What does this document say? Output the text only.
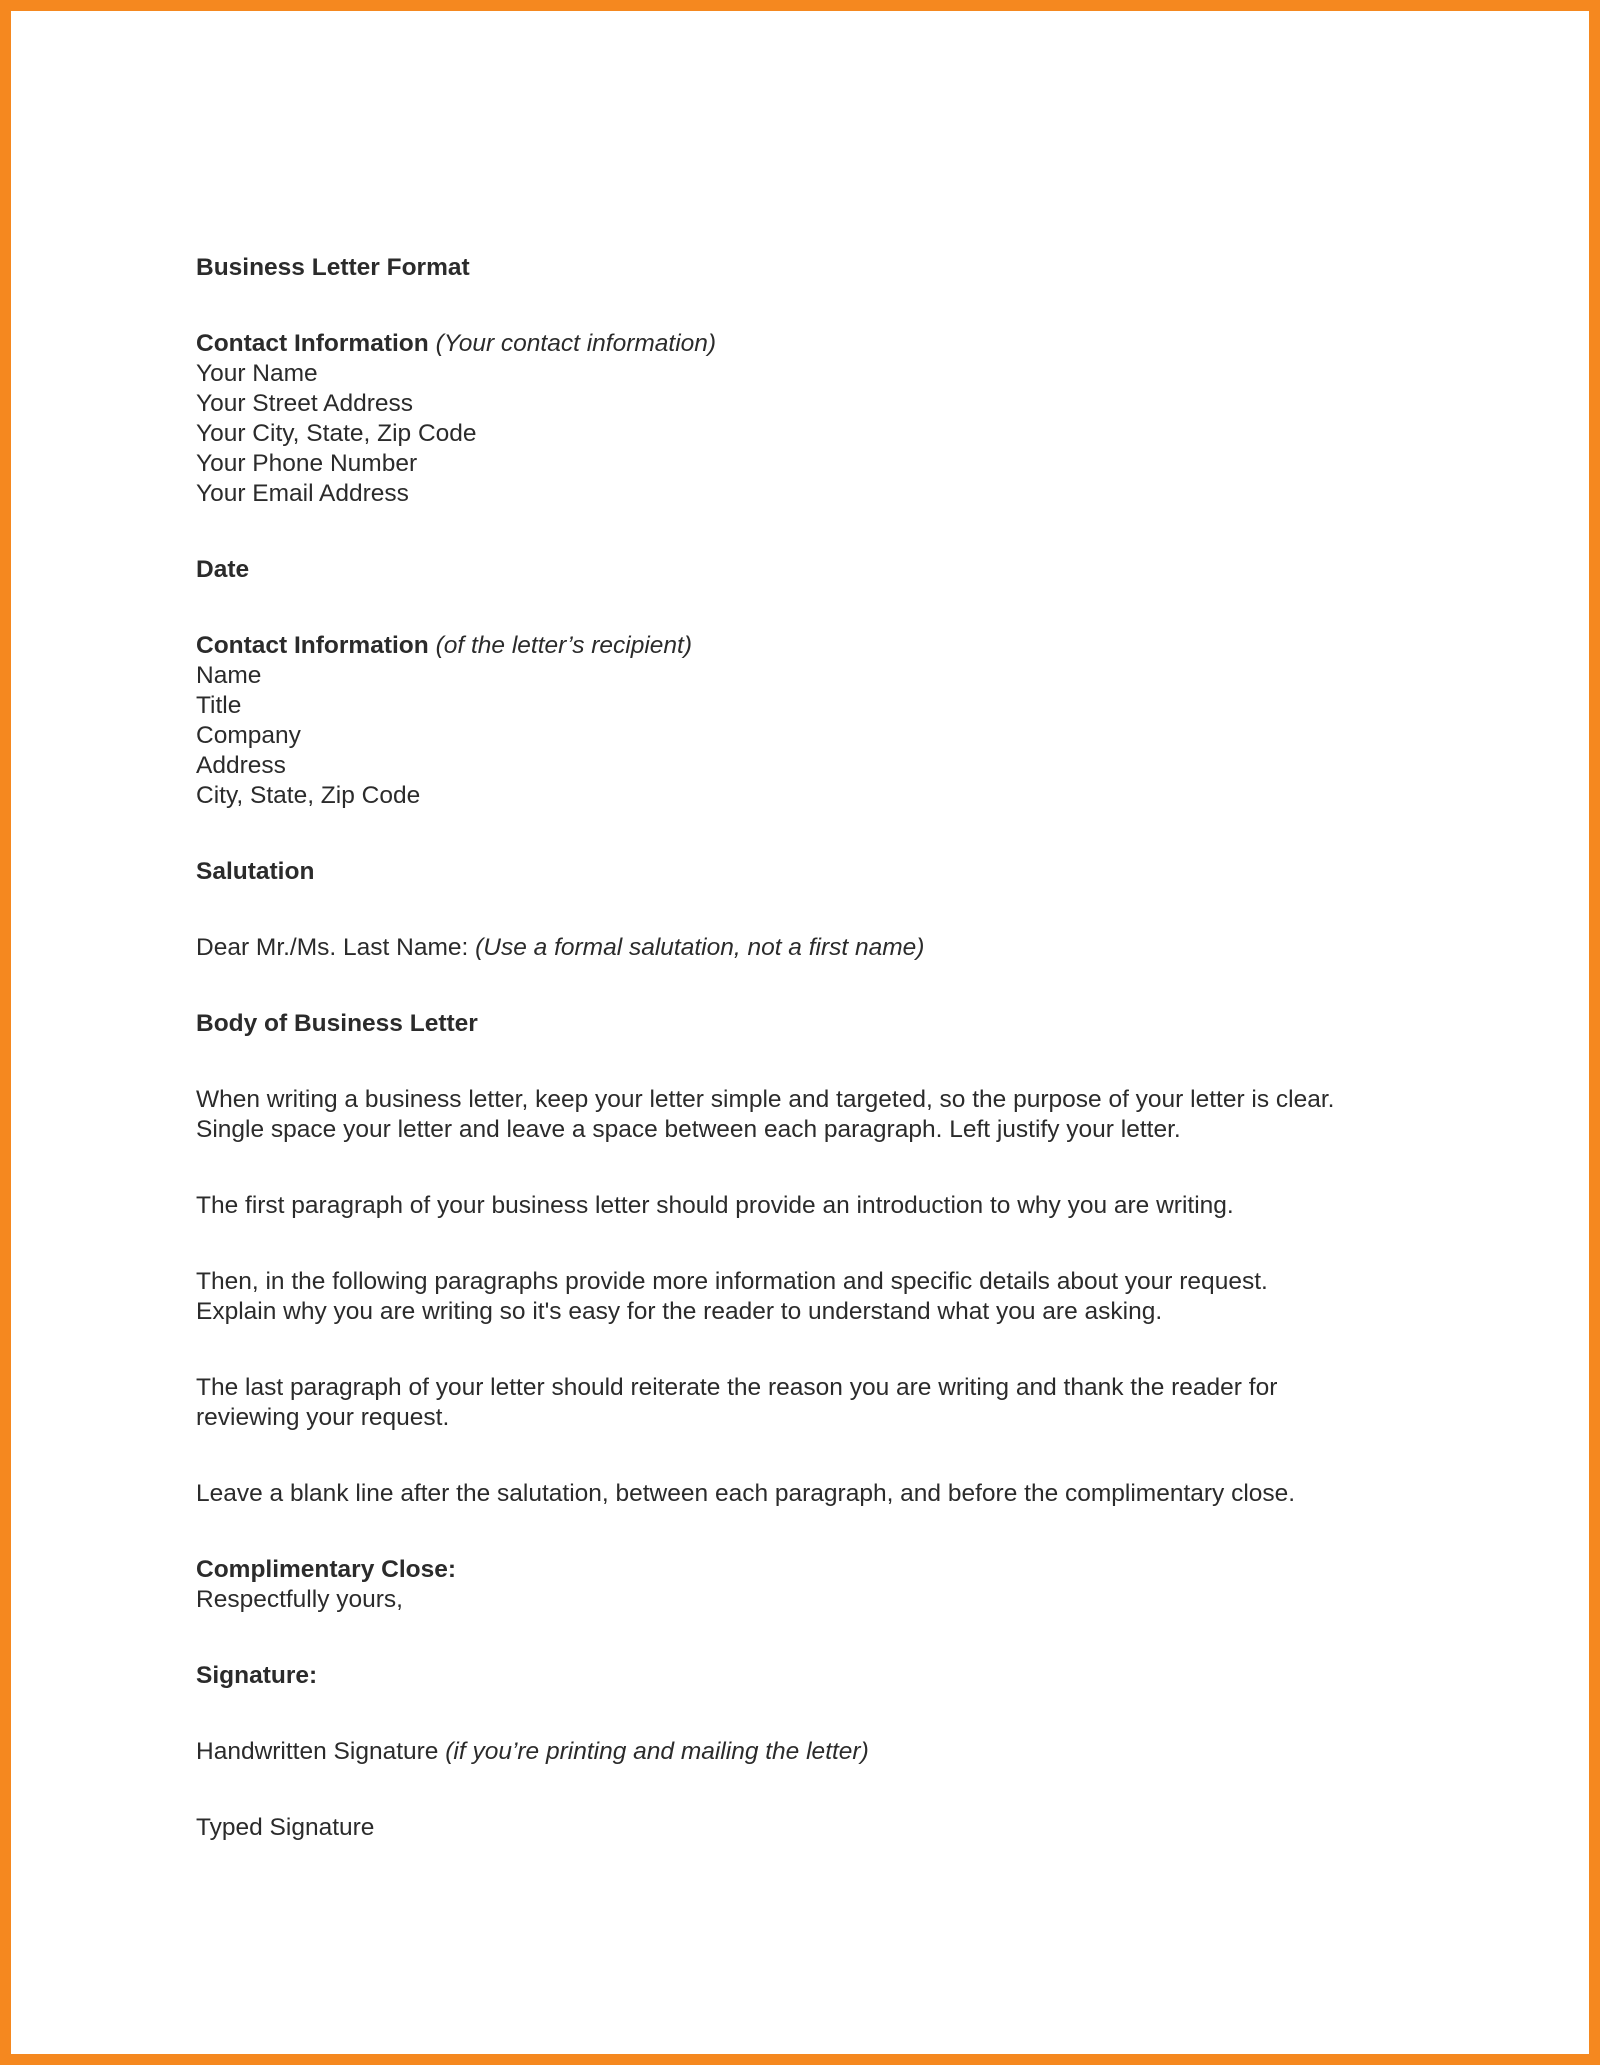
Business Letter Format
Contact Information (Your contact information)
Your Name
Your Street Address
Your City, State, Zip Code
Your Phone Number
Your Email Address
Date
Contact Information (of the letter’s recipient)
Name
Title
Company
Address
City, State, Zip Code
Salutation
Dear Mr./Ms. Last Name: (Use a formal salutation, not a first name)
Body of Business Letter
When writing a business letter, keep your letter simple and targeted, so the purpose of your letter is clear.
Single space your letter and leave a space between each paragraph. Left justify your letter.
The first paragraph of your business letter should provide an introduction to why you are writing.
Then, in the following paragraphs provide more information and specific details about your request.
Explain why you are writing so it's easy for the reader to understand what you are asking.
The last paragraph of your letter should reiterate the reason you are writing and thank the reader for
reviewing your request.
Leave a blank line after the salutation, between each paragraph, and before the complimentary close.
Complimentary Close:
Respectfully yours,
Signature:
Handwritten Signature (if you’re printing and mailing the letter)
Typed Signature
